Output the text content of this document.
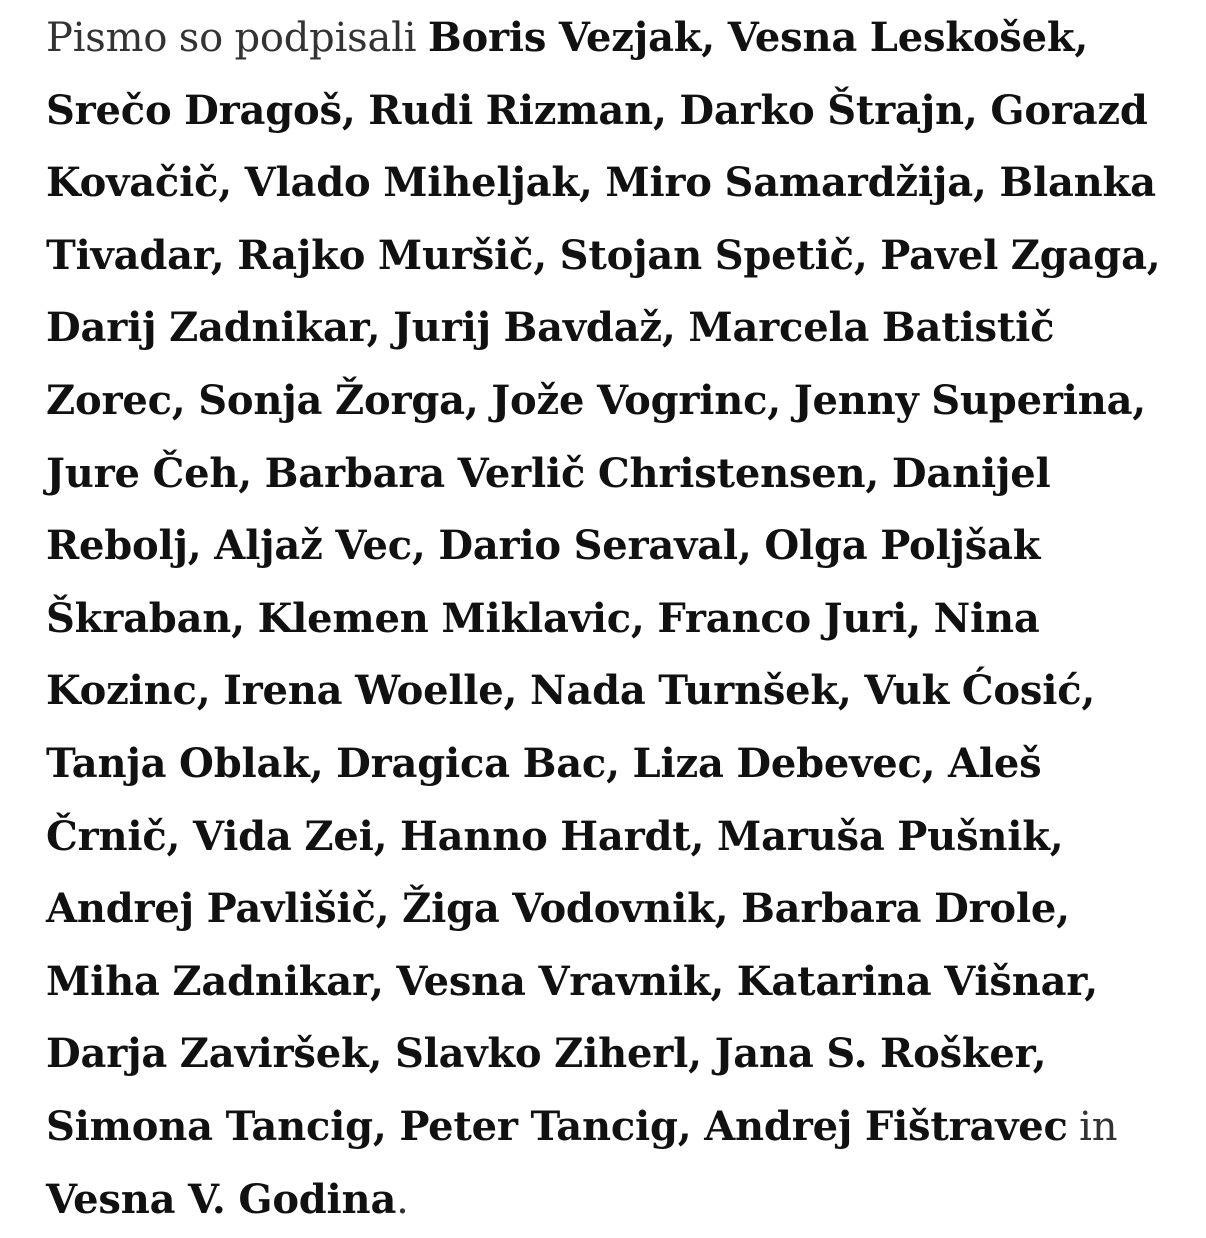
Pismo so podpisali Boris Vezjak, Vesna Leskošek, Srečo Dragoš, Rudi Rizman, Darko Štrajn, Gorazd Kovačič, Vlado Miheljak, Miro Samardžija, Blanka Tivadar, Rajko Muršič, Stojan Spetič, Pavel Zgaga, Darij Zadnikar, Jurij Bavdaž, Marcela Batistič Zorec, Sonja Žorga, Jože Vogrinc, Jenny Superina, Jure Čeh, Barbara Verlič Christensen, Danijel Rebolj, Aljaž Vec, Dario Seraval, Olga Poljšak Škraban, Klemen Miklavic, Franco Juri, Nina Kozinc, Irena Woelle, Nada Turnšek, Vuk Ćosić, Tanja Oblak, Dragica Bac, Liza Debevec, Aleš Črnič, Vida Zei, Hanno Hardt, Maruša Pušnik, Andrej Pavlišič, Žiga Vodovnik, Barbara Drole, Miha Zadnikar, Vesna Vravnik, Katarina Višnar, Darja Zaviršek, Slavko Ziherl, Jana S. Rošker, Simona Tancig, Peter Tancig, Andrej Fištravec in Vesna V. Godina.
